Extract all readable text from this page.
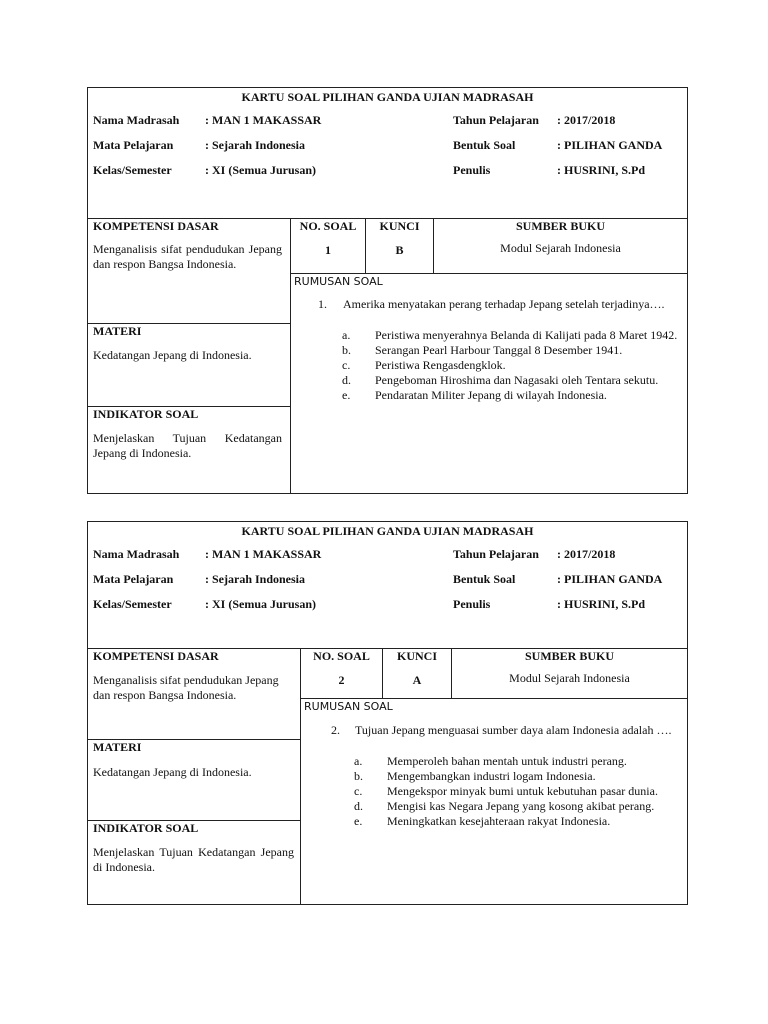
KARTU SOAL PILIHAN GANDA UJIAN MADRASAH
Nama Madrasah : MAN 1 MAKASSAR
Mata Pelajaran	: Sejarah Indonesia
Kelas/Semester	: XI (Semua Jurusan)
Tahun Pelajaran : 2017/2018
Bentuk Soal	: PILIHAN GANDA
Penulis	: HUSRINI, S.Pd
KOMPETENSI DASAR
Menganalisis sifat pendudukan Jepang dan respon Bangsa Indonesia.
MATERI
Kedatangan Jepang di Indonesia.
INDIKATOR SOAL
Menjelaskan Tujuan Kedatangan Jepang di Indonesia.
NO. SOAL
1
KUNCI
B
SUMBER BUKU
Modul Sejarah Indonesia
RUMUSAN SOAL
1. Amerika menyatakan perang terhadap Jepang setelah terjadinya….
a. Peristiwa menyerahnya Belanda di Kalijati pada 8 Maret 1942.
b. Serangan Pearl Harbour Tanggal 8 Desember 1941.
c. Peristiwa Rengasdengklok.
d. Pengeboman Hiroshima dan Nagasaki oleh Tentara sekutu.
e. Pendaratan Militer Jepang di wilayah Indonesia.
KARTU SOAL PILIHAN GANDA UJIAN MADRASAH
Nama Madrasah : MAN 1 MAKASSAR
Mata Pelajaran	: Sejarah Indonesia
Kelas/Semester	: XI (Semua Jurusan)
Tahun Pelajaran : 2017/2018
Bentuk Soal	: PILIHAN GANDA
Penulis	: HUSRINI, S.Pd
KOMPETENSI DASAR
Menganalisis sifat pendudukan Jepang dan respon Bangsa Indonesia.
MATERI
Kedatangan Jepang di Indonesia.
INDIKATOR SOAL
Menjelaskan Tujuan Kedatangan Jepang di Indonesia.
NO. SOAL
2
KUNCI
A
SUMBER BUKU
Modul Sejarah Indonesia
RUMUSAN SOAL
2. Tujuan Jepang menguasai sumber daya alam Indonesia adalah ….
a. Memperoleh bahan mentah untuk industri perang.
b. Mengembangkan industri logam Indonesia.
c. Mengekspor minyak bumi untuk kebutuhan pasar dunia.
d. Mengisi kas Negara Jepang yang kosong akibat perang.
e. Meningkatkan kesejahteraan rakyat Indonesia.
